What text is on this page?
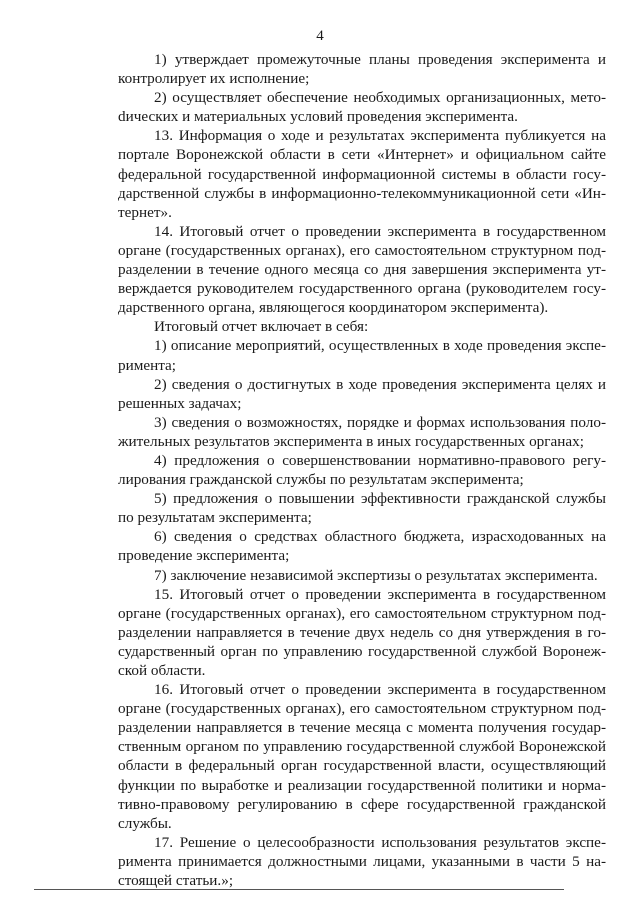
4

1) утверждает промежуточные планы проведения эксперимента и контролирует их исполнение;

2) осуществляет обеспечение необходимых организационных, метоdических и материальных условий проведения эксперимента.

13. Информация о ходе и результатах эксперимента публикуется на портале Воронежской области в сети «Интернет» и официальном сайте федеральной государственной информационной системы в области государственной службы в информационно-телекоммуникационной сети «Интернет».

14. Итоговый отчет о проведении эксперимента в государственном органе (государственных органах), его самостоятельном структурном подразделении в течение одного месяца со дня завершения эксперимента утверждается руководителем государственного органа (руководителем государственного органа, являющегося координатором эксперимента).

Итоговый отчет включает в себя:

1) описание мероприятий, осуществленных в ходе проведения эксперимента;

2) сведения о достигнутых в ходе проведения эксперимента целях и решенных задачах;

3) сведения о возможностях, порядке и формах использования положительных результатов эксперимента в иных государственных органах;

4) предложения о совершенствовании нормативно-правового регулирования гражданской службы по результатам эксперимента;

5) предложения о повышении эффективности гражданской службы по результатам эксперимента;

6) сведения о средствах областного бюджета, израсходованных на проведение эксперимента;

7) заключение независимой экспертизы о результатах эксперимента.

15. Итоговый отчет о проведении эксперимента в государственном органе (государственных органах), его самостоятельном структурном подразделении направляется в течение двух недель со дня утверждения в государственный орган по управлению государственной службой Воронежской области.

16. Итоговый отчет о проведении эксперимента в государственном органе (государственных органах), его самостоятельном структурном подразделении направляется в течение месяца с момента получения государственным органом по управлению государственной службой Воронежской области в федеральный орган государственной власти, осуществляющий функции по выработке и реализации государственной политики и нормативно-правовому регулированию в сфере государственной гражданской службы.

17. Решение о целесообразности использования результатов эксперимента принимается должностными лицами, указанными в части 5 настоящей статьи.»;
